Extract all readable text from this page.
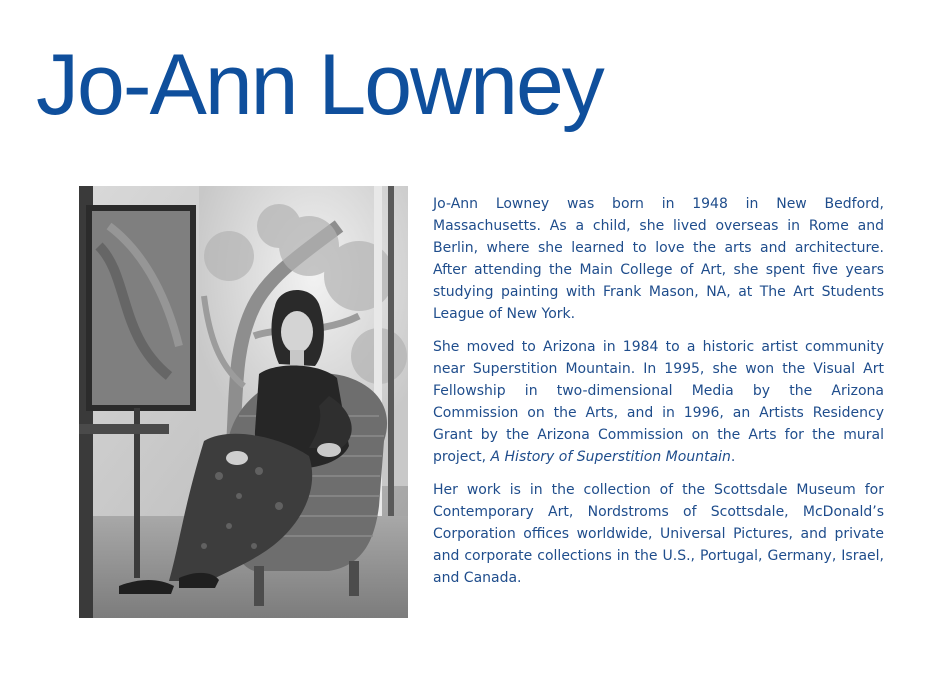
Jo-Ann Lowney

Jo-Ann Lowney was born in 1948 in New Bedford, Massachusetts. As a child, she lived overseas in Rome and Berlin, where she learned to love the arts and architecture. After attending the Main College of Art, she spent five years studying painting with Frank Mason, NA, at The Art Students League of New York.

She moved to Arizona in 1984 to a historic artist community near Superstition Mountain. In 1995, she won the Visual Art Fellowship in two-dimensional Media by the Arizona Commission on the Arts, and in 1996, an Artists Residency Grant by the Arizona Commission on the Arts for the mural project, A History of Superstition Mountain.

Her work is in the collection of the Scottsdale Museum for Contemporary Art, Nordstroms of Scottsdale, McDonald’s Corporation offices worldwide, Universal Pictures, and private and corporate collections in the U.S., Portugal, Germany, Israel, and Canada.
